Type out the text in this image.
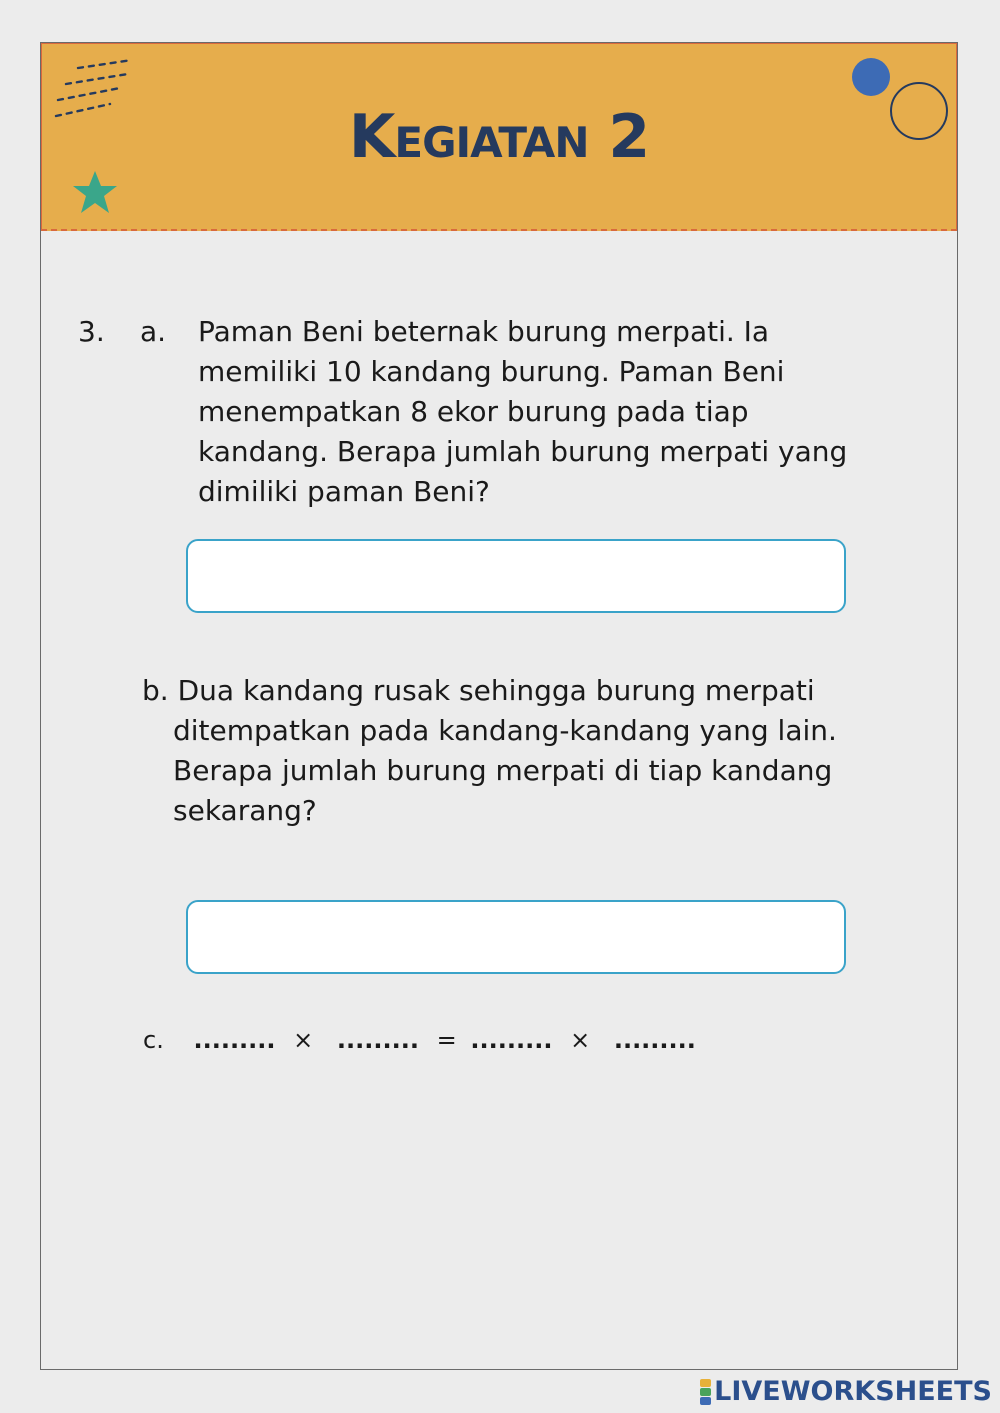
Kegiatan 2
3. a. Paman Beni beternak burung merpati. Ia
memiliki 10 kandang burung. Paman Beni
menempatkan 8 ekor burung pada tiap
kandang. Berapa jumlah burung merpati yang
dimiliki paman Beni?
b. Dua kandang rusak sehingga burung merpati
ditempatkan pada kandang-kandang yang lain.
Berapa jumlah burung merpati di tiap kandang
sekarang?
c. ......... × ......... = ......... × .........
LIVEWORKSHEETS
